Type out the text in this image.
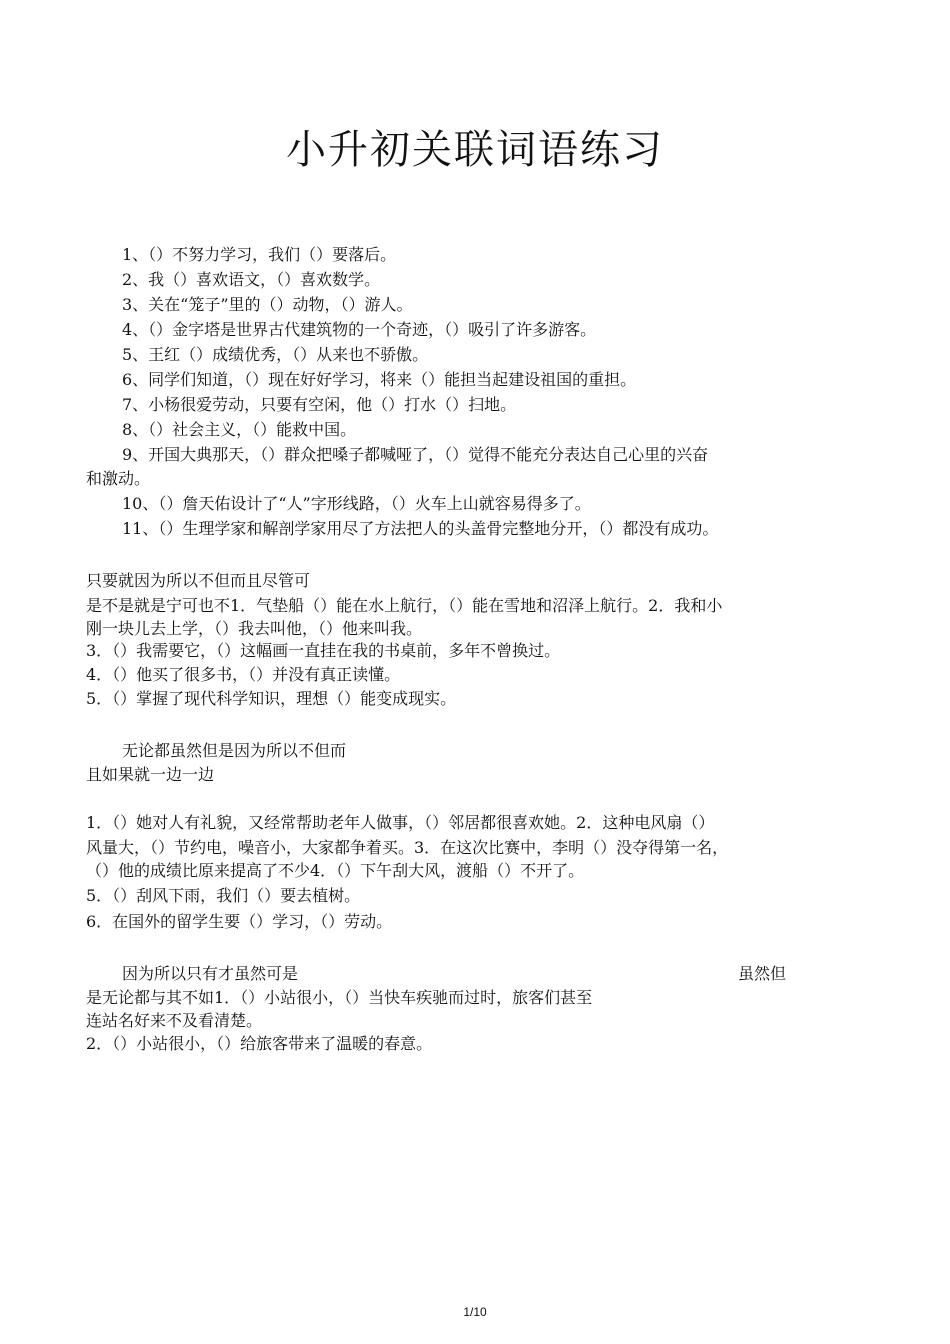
小升初关联词语练习
1、（）不努力学习，我们（）要落后。
2、我（）喜欢语文，（）喜欢数学。
3、关在“笼子”里的（）动物，（）游人。
4、（）金字塔是世界古代建筑物的一个奇迹，（）吸引了许多游客。
5、王红（）成绩优秀，（）从来也不骄傲。
6、同学们知道，（）现在好好学习，将来（）能担当起建设祖国的重担。
7、小杨很爱劳动，只要有空闲，他（）打水（）扫地。
8、（）社会主义，（）能救中国。
9、开国大典那天，（）群众把嗓子都喊哑了，（）觉得不能充分表达自己心里的兴奋
和激动。
10、（）詹天佑设计了“人”字形线路，（）火车上山就容易得多了。
11、（）生理学家和解剖学家用尽了方法把人的头盖骨完整地分开，（）都没有成功。
只要就因为所以不但而且尽管可
是不是就是宁可也不1．气垫船（）能在水上航行，（）能在雪地和沼泽上航行。2．我和小
刚一块儿去上学，（）我去叫他，（）他来叫我。
3．（）我需要它，（）这幅画一直挂在我的书桌前，多年不曾换过。
4．（）他买了很多书，（）并没有真正读懂。
5．（）掌握了现代科学知识，理想（）能变成现实。
无论都虽然但是因为所以不但而
且如果就一边一边
1．（）她对人有礼貌，又经常帮助老年人做事，（）邻居都很喜欢她。2．这种电风扇（）
风量大，（）节约电，噪音小，大家都争着买。3．在这次比赛中，李明（）没夺得第一名，
（）他的成绩比原来提高了不少4．（）下午刮大风，渡船（）不开了。
5．（）刮风下雨，我们（）要去植树。
6．在国外的留学生要（）学习，（）劳动。
因为所以只有才虽然可是	虽然但
是无论都与其不如1．（）小站很小，（）当快车疾驰而过时，旅客们甚至
连站名好来不及看清楚。
2．（）小站很小，（）给旅客带来了温暖的春意。
1/10
